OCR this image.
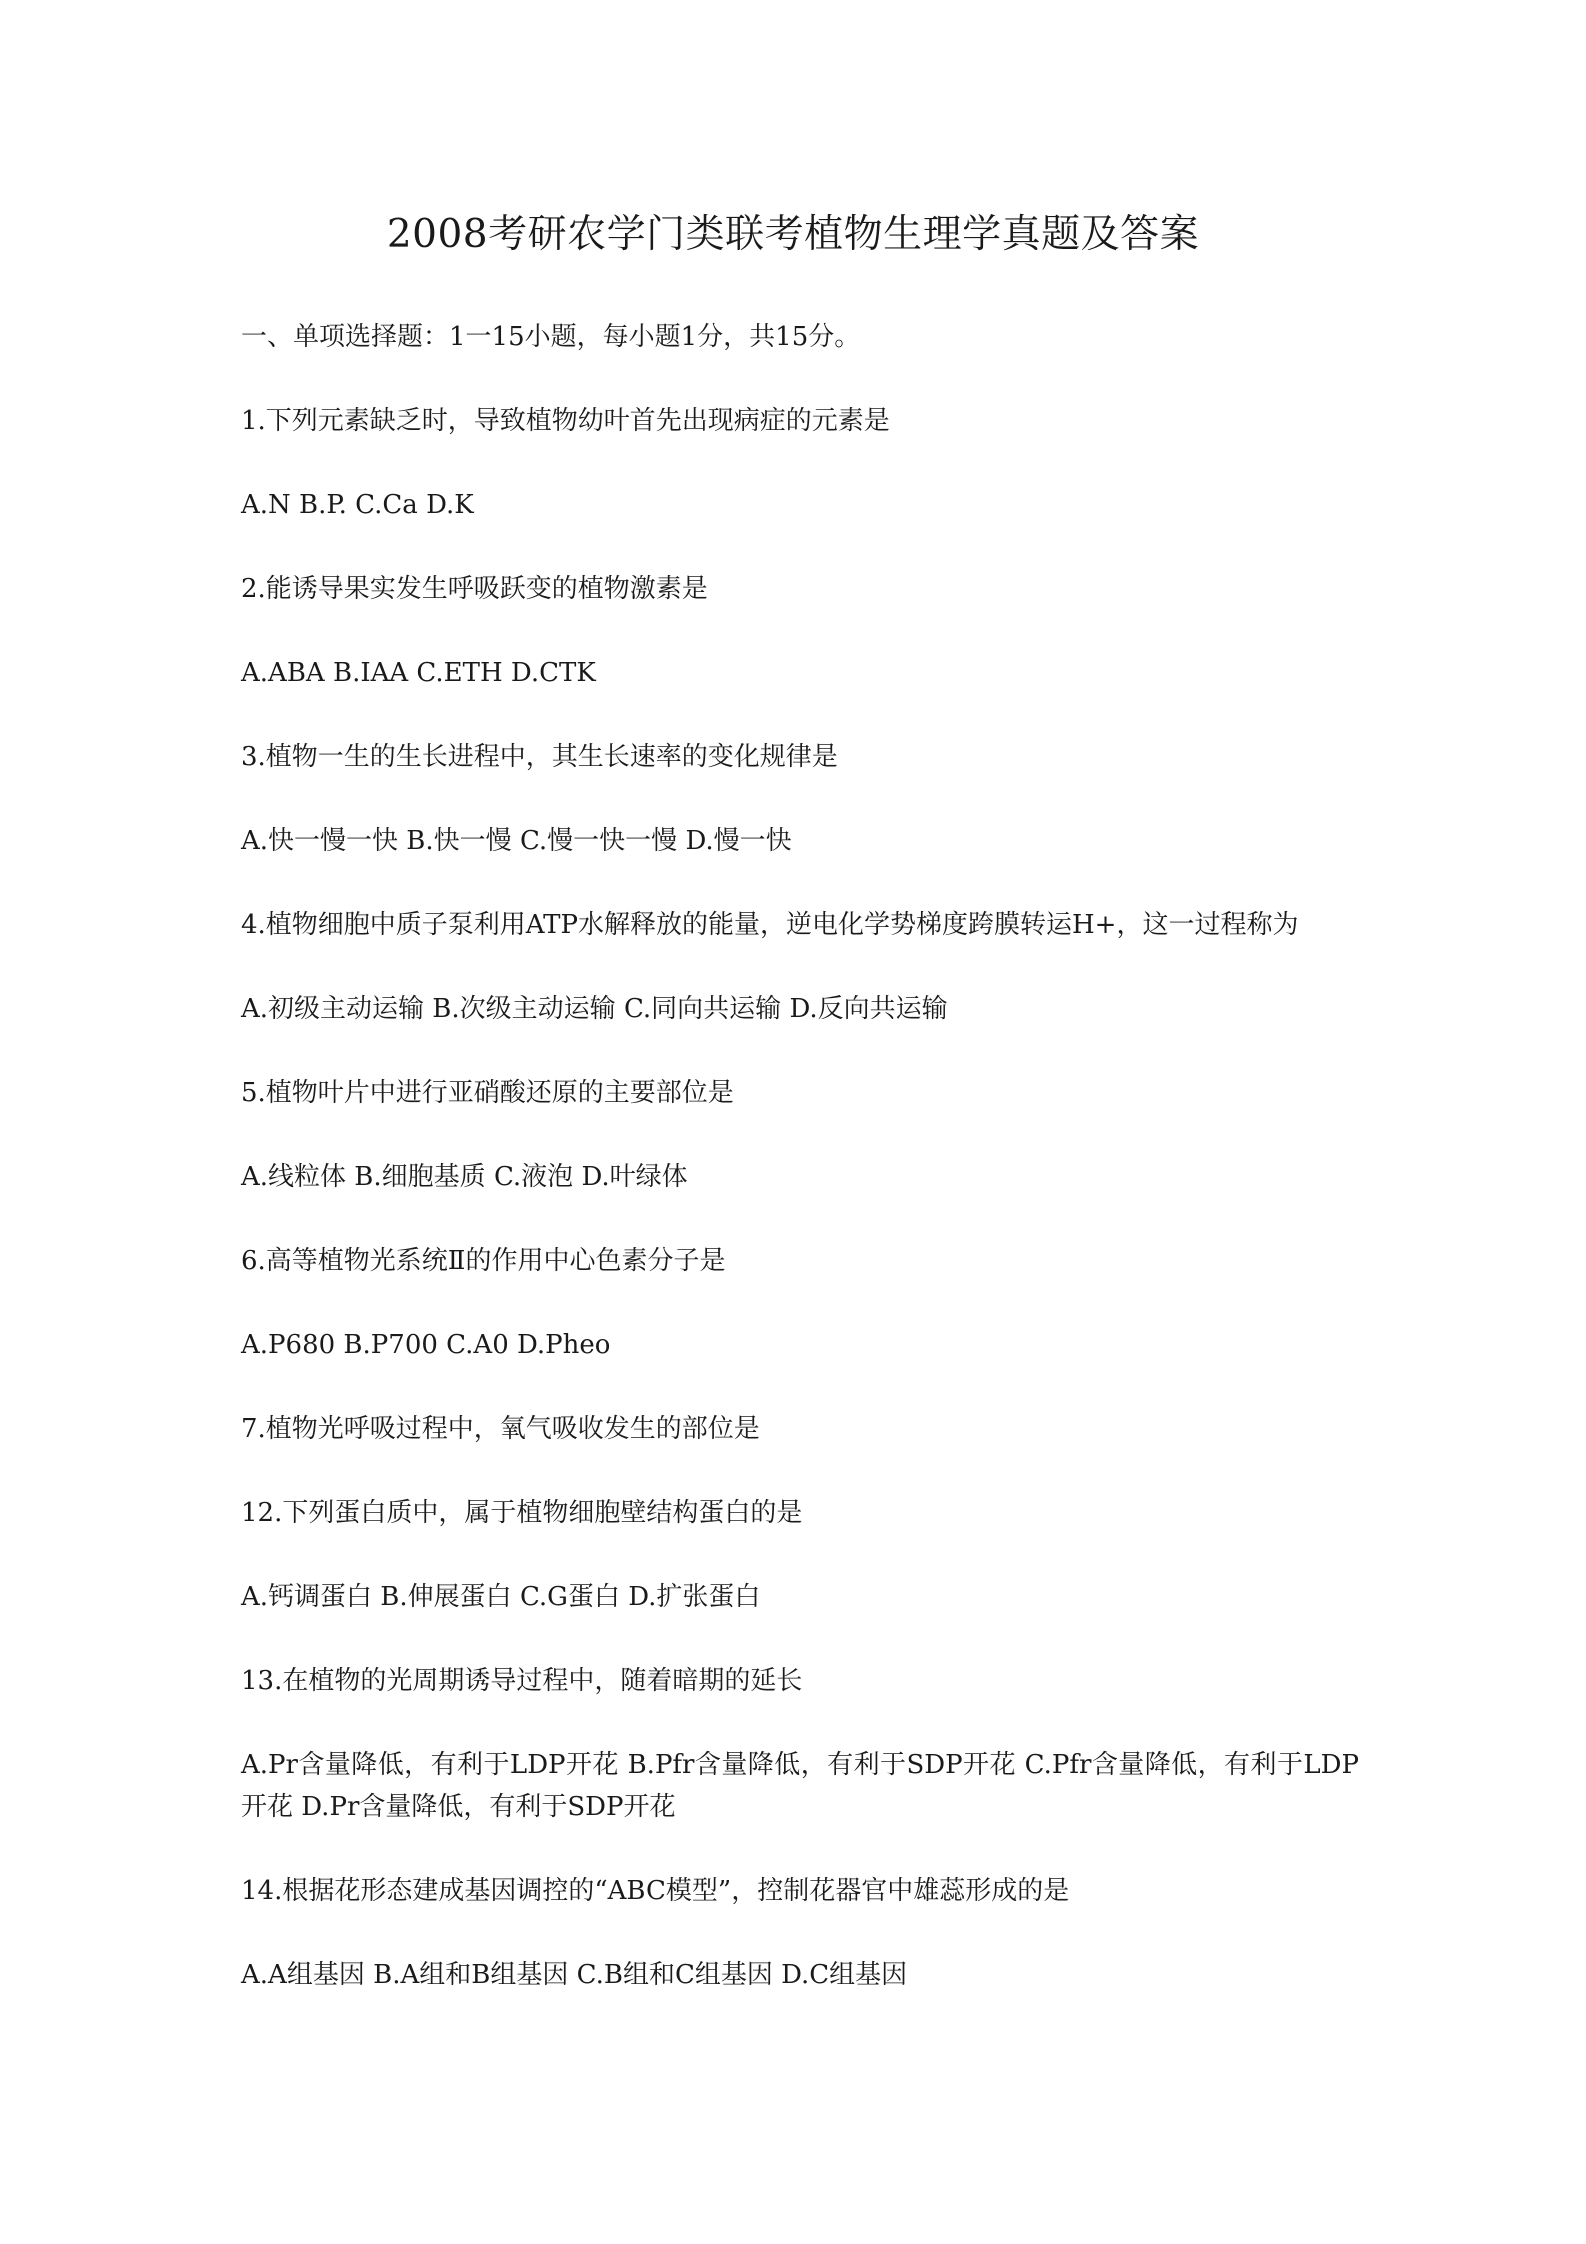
2008考研农学门类联考植物生理学真题及答案

一、单项选择题：1一15小题，每小题1分，共15分。

1.下列元素缺乏时，导致植物幼叶首先出现病症的元素是

A.N B.P. C.Ca D.K

2.能诱导果实发生呼吸跃变的植物激素是

A.ABA B.IAA C.ETH D.CTK

3.植物一生的生长进程中，其生长速率的变化规律是

A.快一慢一快 B.快一慢 C.慢一快一慢 D.慢一快

4.植物细胞中质子泵利用ATP水解释放的能量，逆电化学势梯度跨膜转运H+，这一过程称为

A.初级主动运输 B.次级主动运输 C.同向共运输 D.反向共运输

5.植物叶片中进行亚硝酸还原的主要部位是

A.线粒体 B.细胞基质 C.液泡 D.叶绿体

6.高等植物光系统Ⅱ的作用中心色素分子是

A.P680 B.P700 C.A0 D.Pheo

7.植物光呼吸过程中，氧气吸收发生的部位是

12.下列蛋白质中，属于植物细胞壁结构蛋白的是

A.钙调蛋白 B.伸展蛋白 C.G蛋白 D.扩张蛋白

13.在植物的光周期诱导过程中，随着暗期的延长

A.Pr含量降低，有利于LDP开花 B.Pfr含量降低，有利于SDP开花 C.Pfr含量降低，有利于LDP开花 D.Pr含量降低，有利于SDP开花

14.根据花形态建成基因调控的“ABC模型”，控制花器官中雄蕊形成的是

A.A组基因 B.A组和B组基因 C.B组和C组基因 D.C组基因
